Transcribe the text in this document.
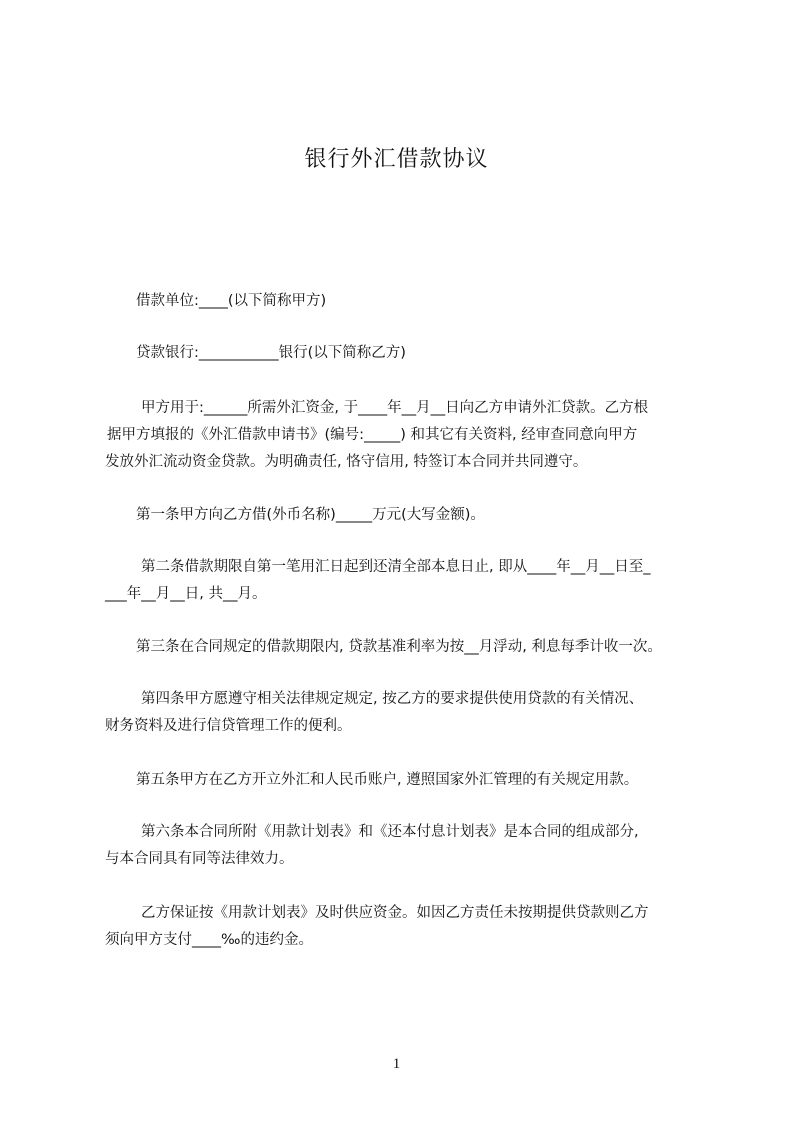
银行外汇借款协议
借款单位:____(以下简称甲方)
贷款银行:___________银行(以下简称乙方)
甲方用于:______所需外汇资金, 于____年__月__日向乙方申请外汇贷款。乙方根
据甲方填报的《外汇借款申请书》(编号:_____) 和其它有关资料, 经审查同意向甲方
发放外汇流动资金贷款。为明确责任, 恪守信用, 特签订本合同并共同遵守。
第一条甲方向乙方借(外币名称)_____万元(大写金额)。
第二条借款期限自第一笔用汇日起到还清全部本息日止, 即从____年__月__日至_
___年__月__日, 共__月。
第三条在合同规定的借款期限内, 贷款基准利率为按__月浮动, 利息每季计收一次。
第四条甲方愿遵守相关法律规定规定, 按乙方的要求提供使用贷款的有关情况、
财务资料及进行信贷管理工作的便利。
第五条甲方在乙方开立外汇和人民币账户, 遵照国家外汇管理的有关规定用款。
第六条本合同所附《用款计划表》和《还本付息计划表》是本合同的组成部分,
与本合同具有同等法律效力。
乙方保证按《用款计划表》及时供应资金。如因乙方责任未按期提供贷款则乙方
须向甲方支付____‰的违约金。
1
